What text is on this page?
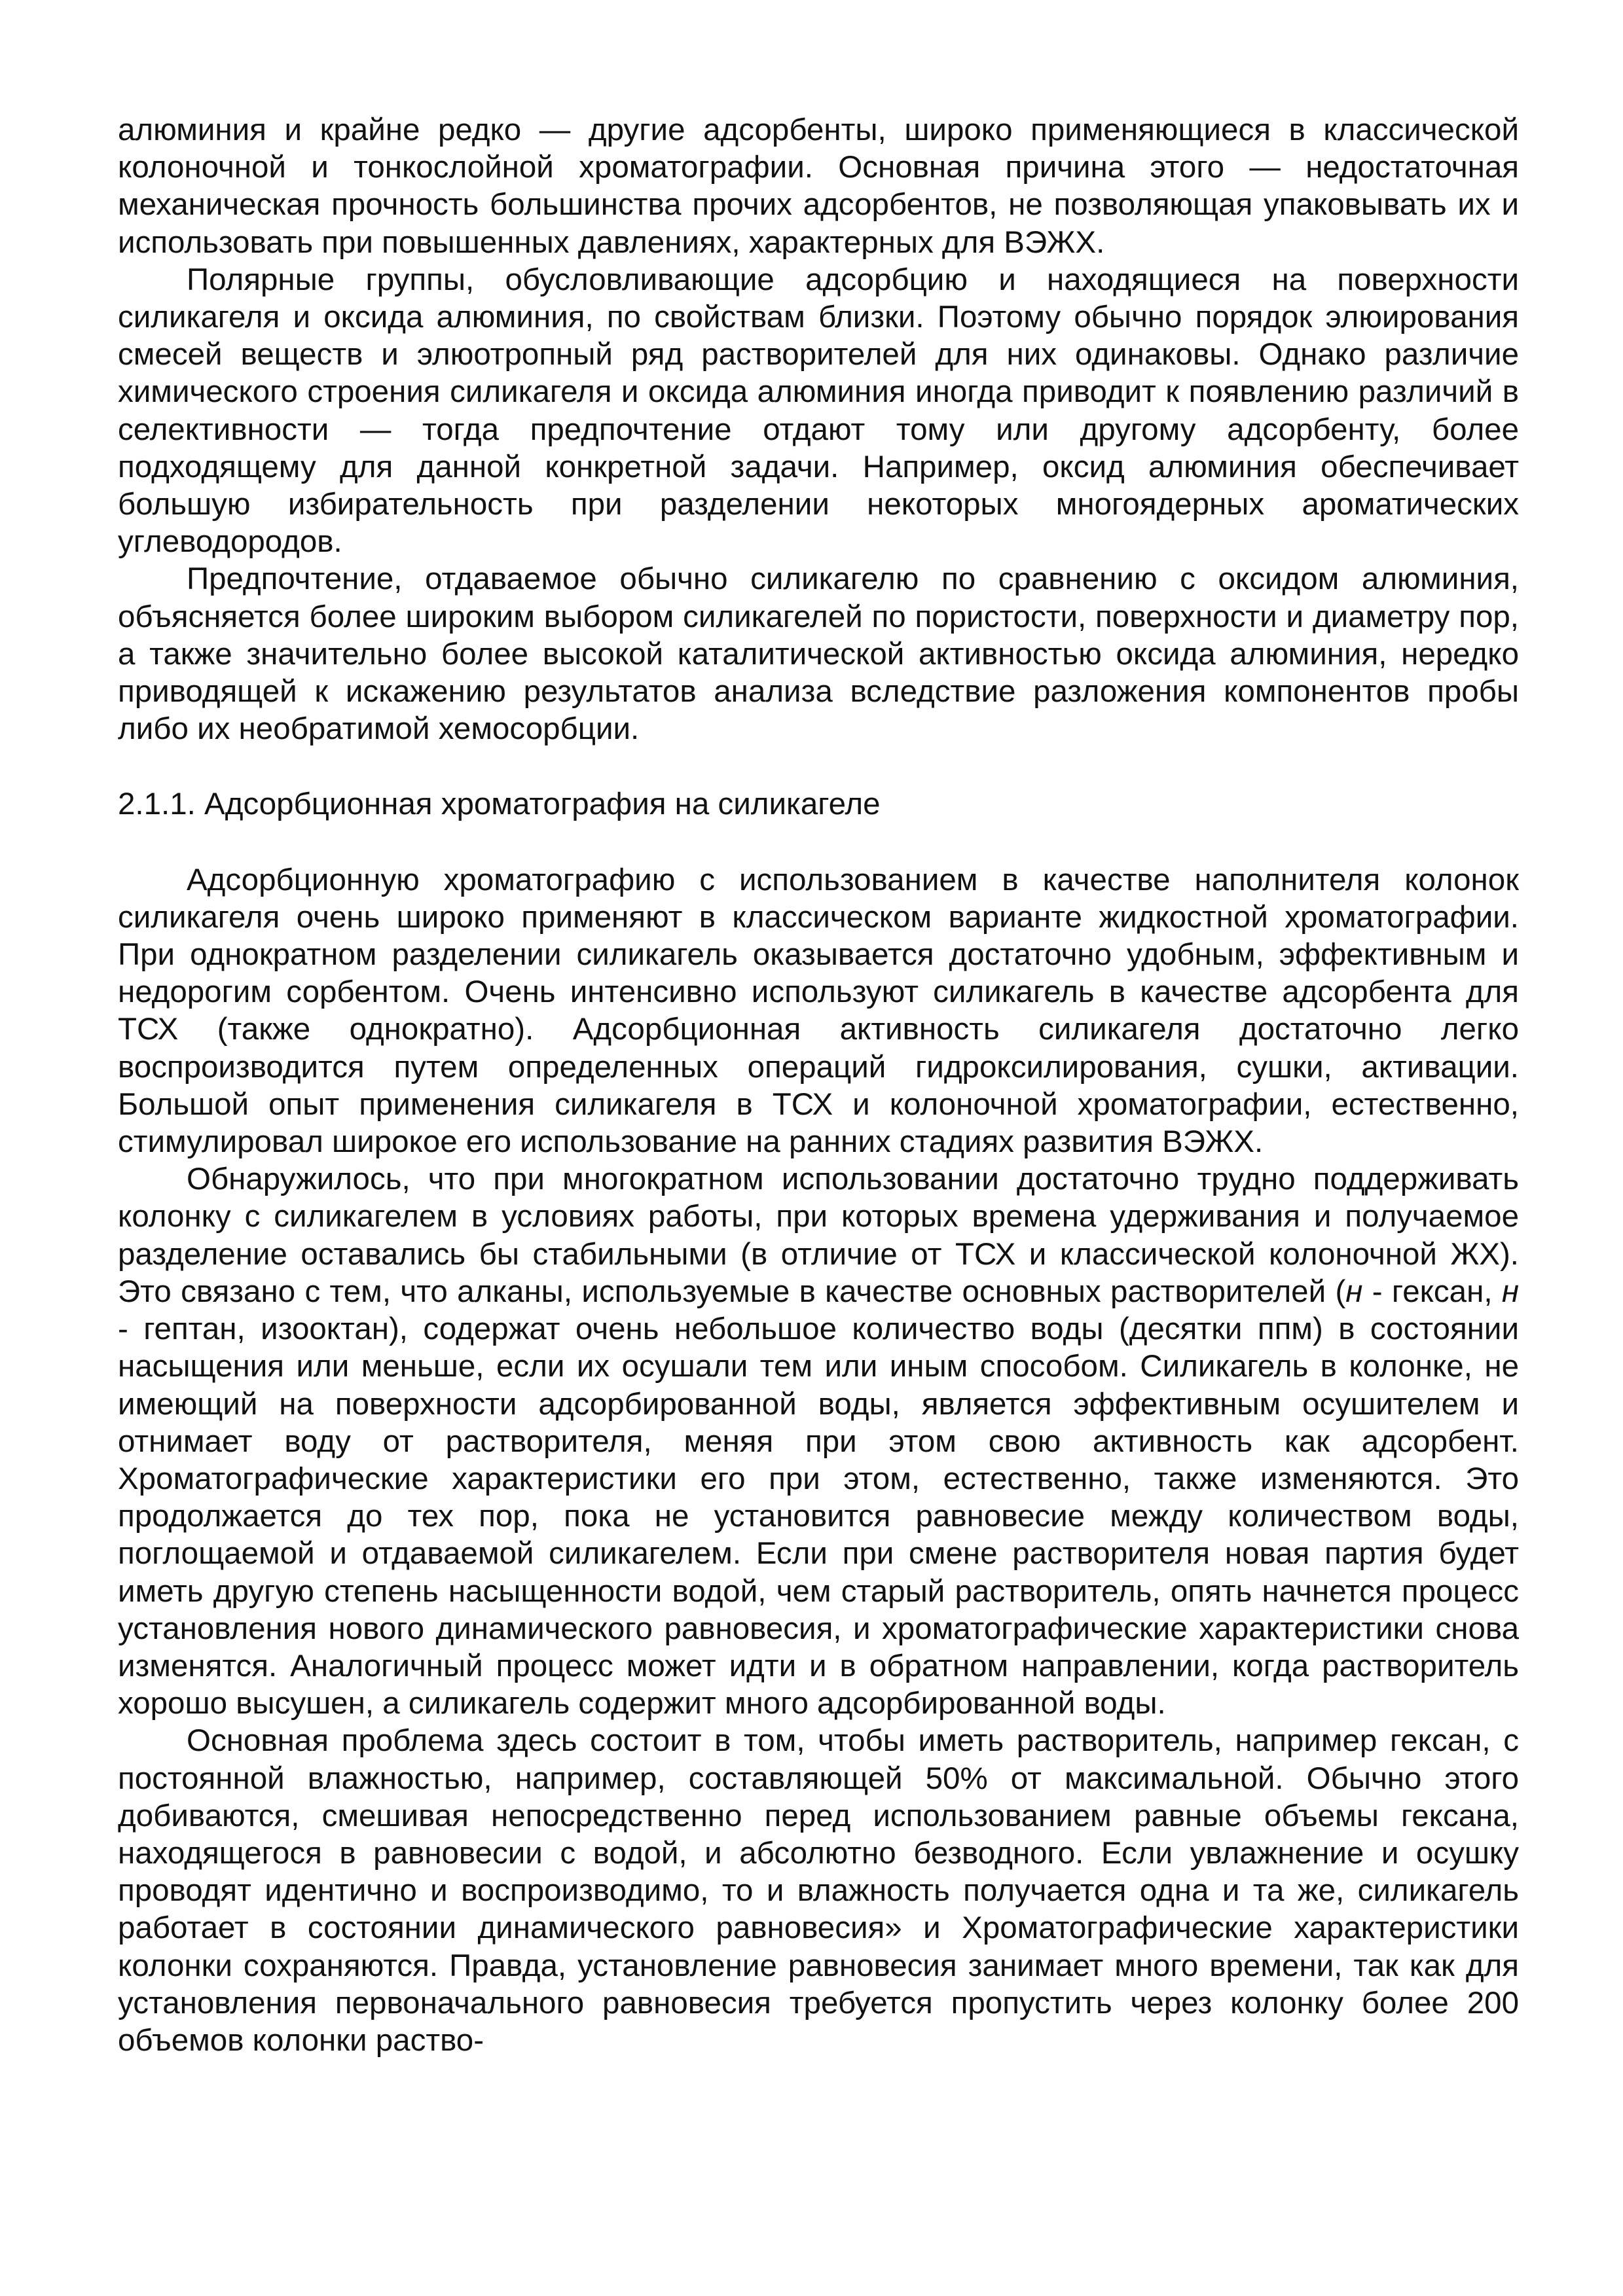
алюминия и крайне редко — другие адсорбенты, широко применяющиеся в классической колоночной и тонкослойной хроматографии. Основная причина этого — недостаточная механическая прочность большинства прочих адсорбентов, не позволяющая упаковывать их и использовать при повышенных давлениях, характерных для ВЭЖХ.

Полярные группы, обусловливающие адсорбцию и находящиеся на поверхности силикагеля и оксида алюминия, по свойствам близки. Поэтому обычно порядок элюирования смесей веществ и элюотропный ряд растворителей для них одинаковы. Однако различие химического строения силикагеля и оксида алюминия иногда приводит к появлению различий в селективности — тогда предпочтение отдают тому или другому адсорбенту, более подходящему для данной конкретной задачи. Например, оксид алюминия обеспечивает большую избирательность при разделении некоторых многоядерных ароматических углеводородов.

Предпочтение, отдаваемое обычно силикагелю по сравнению с оксидом алюминия, объясняется более широким выбором силикагелей по пористости, поверхности и диаметру пор, а также значительно более высокой каталитической активностью оксида алюминия, нередко приводящей к искажению результатов анализа вследствие разложения компонентов пробы либо их необратимой хемосорбции.

2.1.1. Адсорбционная хроматография на силикагеле

Адсорбционную хроматографию с использованием в качестве наполнителя колонок силикагеля очень широко применяют в классическом варианте жидкостной хроматографии. При однократном разделении силикагель оказывается достаточно удобным, эффективным и недорогим сорбентом. Очень интенсивно используют силикагель в качестве адсорбента для ТСХ (также однократно). Адсорбционная активность силикагеля достаточно легко воспроизводится путем определенных операций гидроксилирования, сушки, активации. Большой опыт применения силикагеля в ТСХ и колоночной хроматографии, естественно, стимулировал широкое его использование на ранних стадиях развития ВЭЖХ.

Обнаружилось, что при многократном использовании достаточно трудно поддерживать колонку с силикагелем в условиях работы, при которых времена удерживания и получаемое разделение оставались бы стабильными (в отличие от ТСХ и классической колоночной ЖХ). Это связано с тем, что алканы, используемые в качестве основных растворителей (н - гексан, н - гептан, изооктан), содержат очень небольшое количество воды (десятки ппм) в состоянии насыщения или меньше, если их осушали тем или иным способом. Силикагель в колонке, не имеющий на поверхности адсорбированной воды, является эффективным осушителем и отнимает воду от растворителя, меняя при этом свою активность как адсорбент. Хроматографические характеристики его при этом, естественно, также изменяются. Это продолжается до тех пор, пока не установится равновесие между количеством воды, поглощаемой и отдаваемой силикагелем. Если при смене растворителя новая партия будет иметь другую степень насыщенности водой, чем старый растворитель, опять начнется процесс установления нового динамического равновесия, и хроматографические характеристики снова изменятся. Аналогичный процесс может идти и в обратном направлении, когда растворитель хорошо высушен, а силикагель содержит много адсорбированной воды.

Основная проблема здесь состоит в том, чтобы иметь растворитель, например гексан, с постоянной влажностью, например, составляющей 50% от максимальной. Обычно этого добиваются, смешивая непосредственно перед использованием равные объемы гексана, находящегося в равновесии с водой, и абсолютно безводного. Если увлажнение и осушку проводят идентично и воспроизводимо, то и влажность получается одна и та же, силикагель работает в состоянии динамического равновесия» и Хроматографические характеристики колонки сохраняются. Правда, установление равновесия занимает много времени, так как для установления первоначального равновесия требуется пропустить через колонку более 200 объемов колонки раство-
